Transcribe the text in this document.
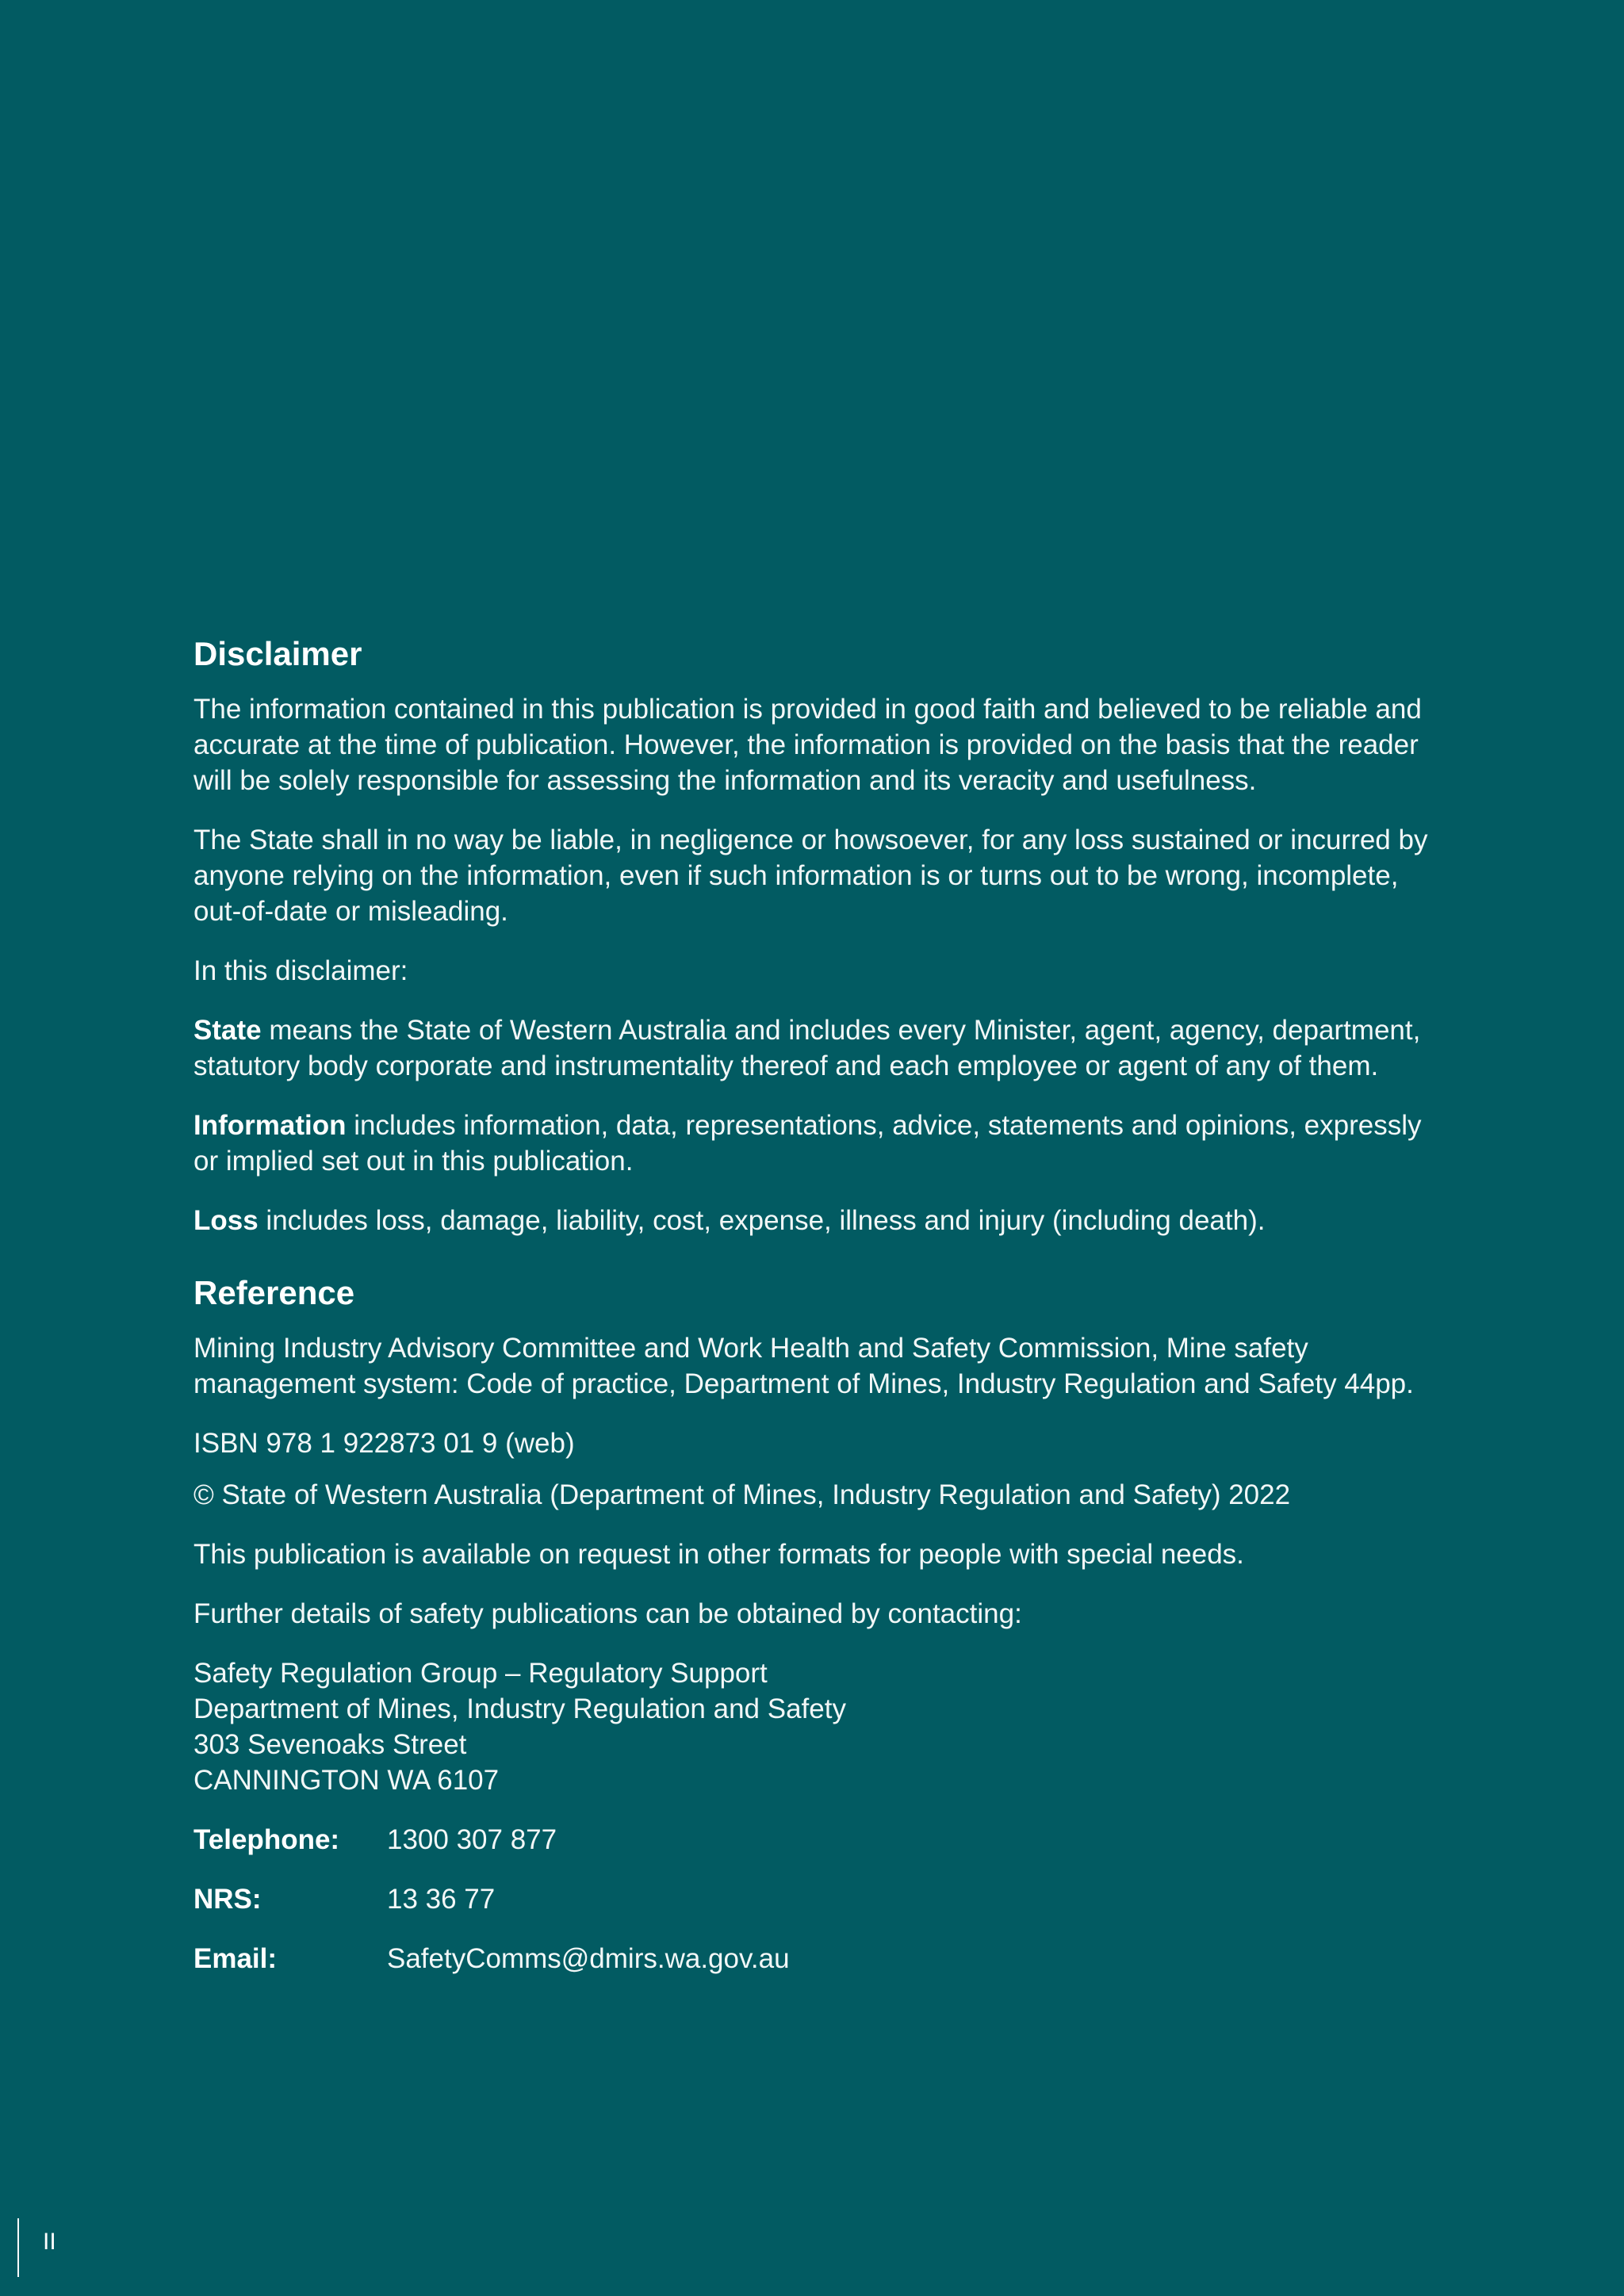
Disclaimer

The information contained in this publication is provided in good faith and believed to be reliable and accurate at the time of publication. However, the information is provided on the basis that the reader will be solely responsible for assessing the information and its veracity and usefulness.

The State shall in no way be liable, in negligence or howsoever, for any loss sustained or incurred by anyone relying on the information, even if such information is or turns out to be wrong, incomplete, out-of-date or misleading.

In this disclaimer:

State means the State of Western Australia and includes every Minister, agent, agency, department, statutory body corporate and instrumentality thereof and each employee or agent of any of them.

Information includes information, data, representations, advice, statements and opinions, expressly or implied set out in this publication.

Loss includes loss, damage, liability, cost, expense, illness and injury (including death).

Reference

Mining Industry Advisory Committee and Work Health and Safety Commission, Mine safety management system: Code of practice, Department of Mines, Industry Regulation and Safety 44pp.

ISBN 978 1 922873 01 9 (web)

© State of Western Australia (Department of Mines, Industry Regulation and Safety) 2022

This publication is available on request in other formats for people with special needs.

Further details of safety publications can be obtained by contacting:

Safety Regulation Group – Regulatory Support
Department of Mines, Industry Regulation and Safety
303 Sevenoaks Street
CANNINGTON WA 6107

Telephone:	1300 307 877
NRS:	13 36 77
Email:	SafetyComms@dmirs.wa.gov.au
II
